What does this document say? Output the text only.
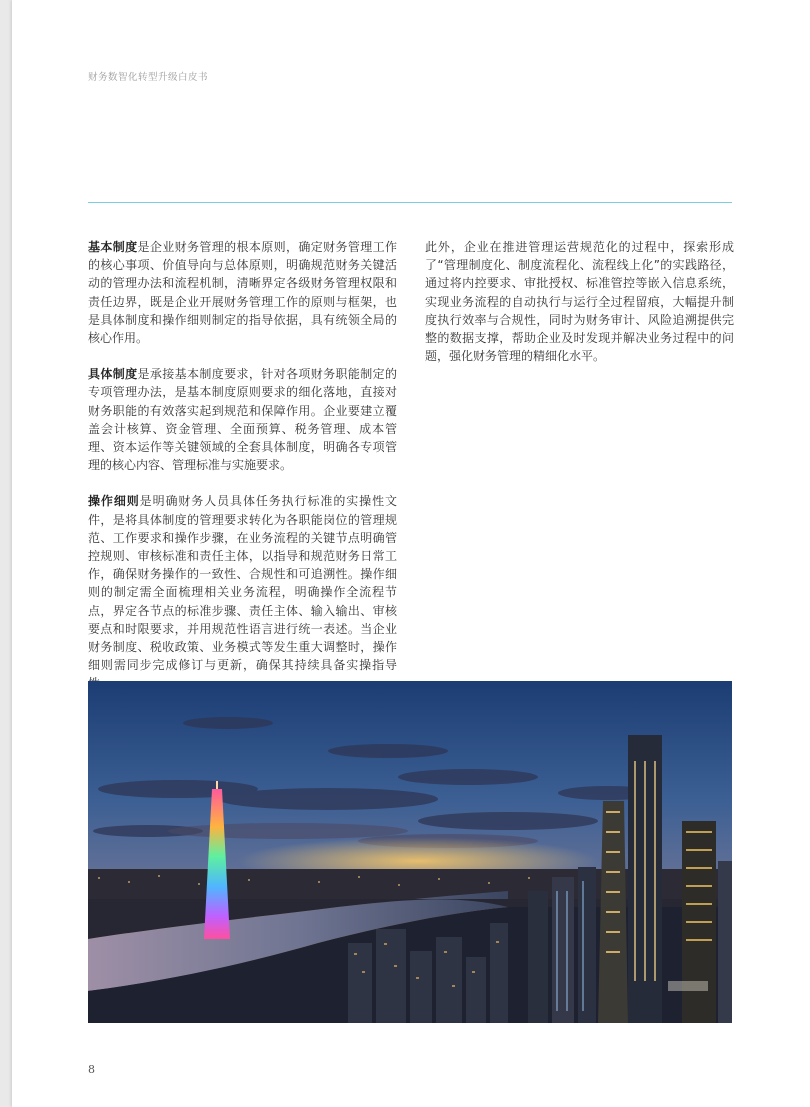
财务数智化转型升级白皮书

基本制度是企业财务管理的根本原则，确定财务管理工作的核心事项、价值导向与总体原则，明确规范财务关键活动的管理办法和流程机制，清晰界定各级财务管理权限和责任边界，既是企业开展财务管理工作的原则与框架，也是具体制度和操作细则制定的指导依据，具有统领全局的核心作用。

具体制度是承接基本制度要求，针对各项财务职能制定的专项管理办法，是基本制度原则要求的细化落地，直接对财务职能的有效落实起到规范和保障作用。企业要建立覆盖会计核算、资金管理、全面预算、税务管理、成本管理、资本运作等关键领域的全套具体制度，明确各专项管理的核心内容、管理标准与实施要求。

操作细则是明确财务人员具体任务执行标准的实操性文件，是将具体制度的管理要求转化为各职能岗位的管理规范、工作要求和操作步骤，在业务流程的关键节点明确管控规则、审核标准和责任主体，以指导和规范财务日常工作，确保财务操作的一致性、合规性和可追溯性。操作细则的制定需全面梳理相关业务流程，明确操作全流程节点，界定各节点的标准步骤、责任主体、输入输出、审核要点和时限要求，并用规范性语言进行统一表述。当企业财务制度、税收政策、业务模式等发生重大调整时，操作细则需同步完成修订与更新，确保其持续具备实操指导

此外，企业在推进管理运营规范化的过程中，探索形成了“管理制度化、制度流程化、流程线上化”的实践路径，通过将内控要求、审批授权、标准管控等嵌入信息系统，实现业务流程的自动执行与运行全过程留痕，大幅提升制度执行效率与合规性，同时为财务审计、风险追溯提供完整的数据支撑，帮助企业及时发现并解决业务过程中的问题，强化财务管理的精细化水平。

8
